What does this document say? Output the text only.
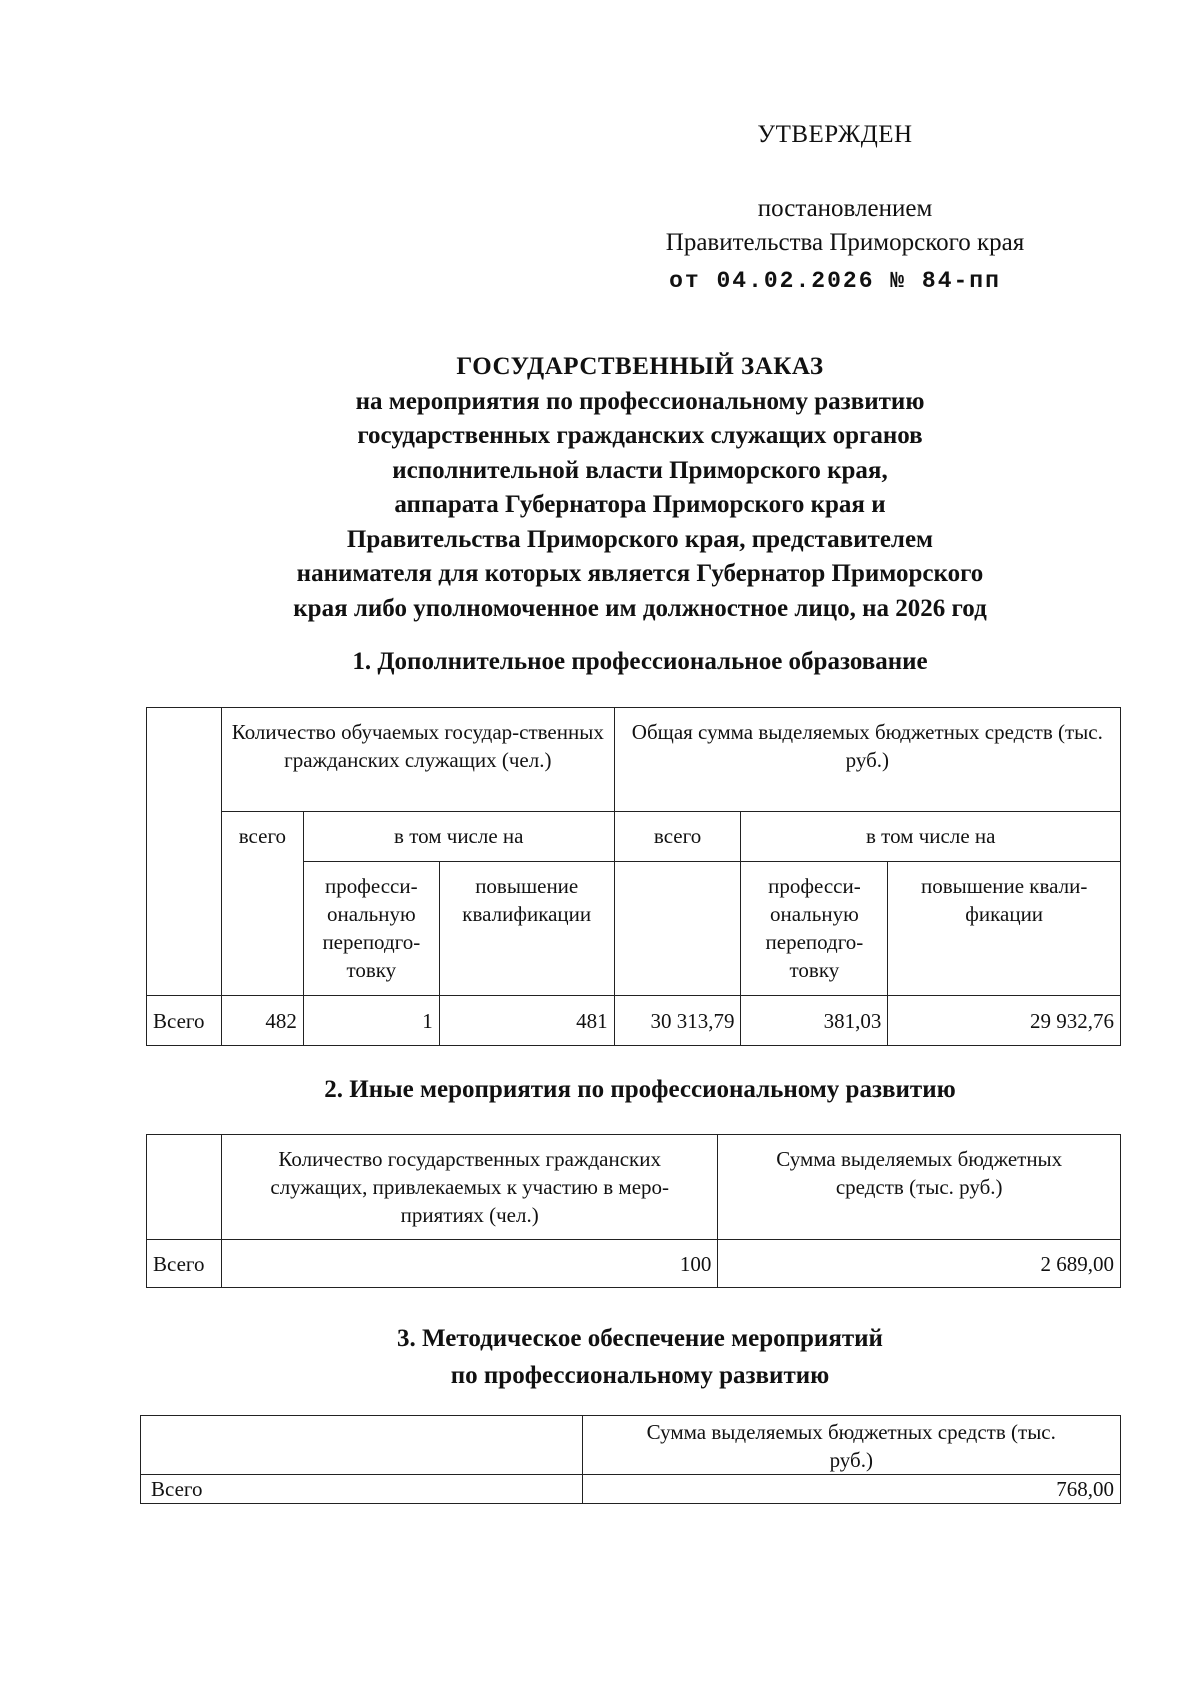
УТВЕРЖДЕН
постановлением
Правительства Приморского края
от 04.02.2026 № 84-пп
ГОСУДАРСТВЕННЫЙ ЗАКАЗ
на мероприятия по профессиональному развитию
государственных гражданских служащих органов
исполнительной власти Приморского края,
аппарата Губернатора Приморского края и
Правительства Приморского края, представителем
нанимателя для которых является Губернатор Приморского
края либо уполномоченное им должностное лицо, на 2026 год
1. Дополнительное профессиональное образование
	Количество обучаемых государ-ственных гражданских служащих (чел.)			Общая сумма выделяемых бюджетных средств (тыс. руб.)		
	всего	в том числе на		всего	в том числе на	
		професси-
ональную
переподго-
товку	повышение квалификации		професси-
ональную
переподго-
товку	повышение квали-
фикации
Всего	482	1	481	30 313,79	381,03	29 932,76
2. Иные мероприятия по профессиональному развитию
	Количество государственных гражданских
служащих, привлекаемых к участию в меро-
приятиях (чел.)	Сумма выделяемых бюджетных
средств (тыс. руб.)
Всего	100	2 689,00
3. Методическое обеспечение мероприятий
по профессиональному развитию
	Сумма выделяемых бюджетных средств (тыс.
руб.)
Всего	768,00
